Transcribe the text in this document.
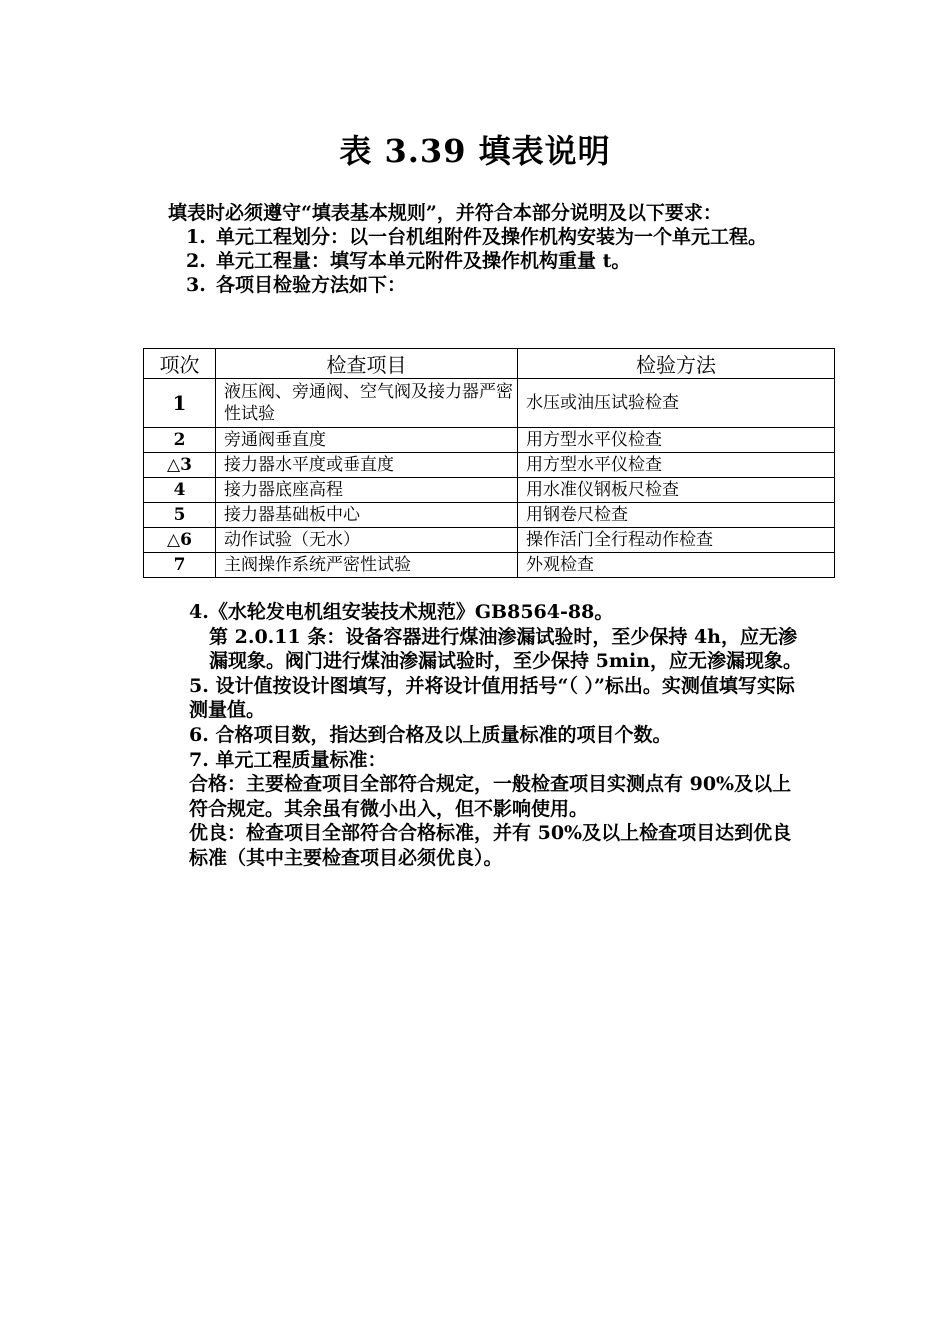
表 3.39 填表说明
填表时必须遵守“填表基本规则”，并符合本部分说明及以下要求：
1. 单元工程划分：以一台机组附件及操作机构安装为一个单元工程。
2. 单元工程量：填写本单元附件及操作机构重量 t。
3. 各项目检验方法如下：
项次	检查项目	检验方法
1	液压阀、旁通阀、空气阀及接力器严密性试验	水压或油压试验检查
2	旁通阀垂直度	用方型水平仪检查
△3	接力器水平度或垂直度	用方型水平仪检查
4	接力器底座高程	用水准仪钢板尺检查
5	接力器基础板中心	用钢卷尺检查
△6	动作试验（无水）	操作活门全行程动作检查
7	主阀操作系统严密性试验	外观检查
4.《水轮发电机组安装技术规范》GB8564-88。
第 2.0.11 条：设备容器进行煤油渗漏试验时，至少保持 4h，应无渗漏现象。阀门进行煤油渗漏试验时，至少保持 5min，应无渗漏现象。
5. 设计值按设计图填写，并将设计值用括号“（ ）”标出。实测值填写实际测量值。
6. 合格项目数，指达到合格及以上质量标准的项目个数。
7. 单元工程质量标准：
合格：主要检查项目全部符合规定，一般检查项目实测点有 90%及以上符合规定。其余虽有微小出入，但不影响使用。
优良：检查项目全部符合合格标准，并有 50%及以上检查项目达到优良标准（其中主要检查项目必须优良）。
